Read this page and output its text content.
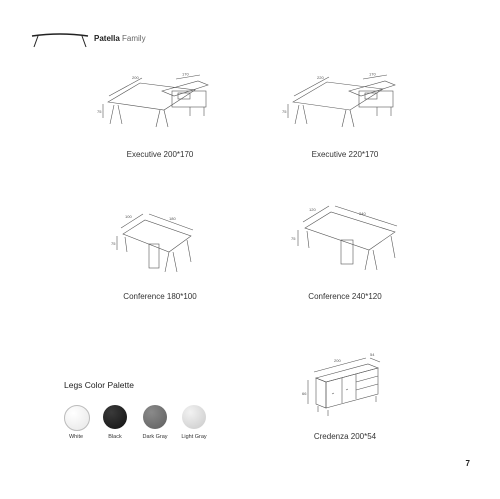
Patella Family
200
170
75
Executive 200*170
220
170
75
Executive 220*170
100	180
75
Conference 180*100
120
240
75
Conference 240*120
200
54
66
Credenza 200*54
Legs Color Palette
White	Black	Dark Gray	Light Gray
7
